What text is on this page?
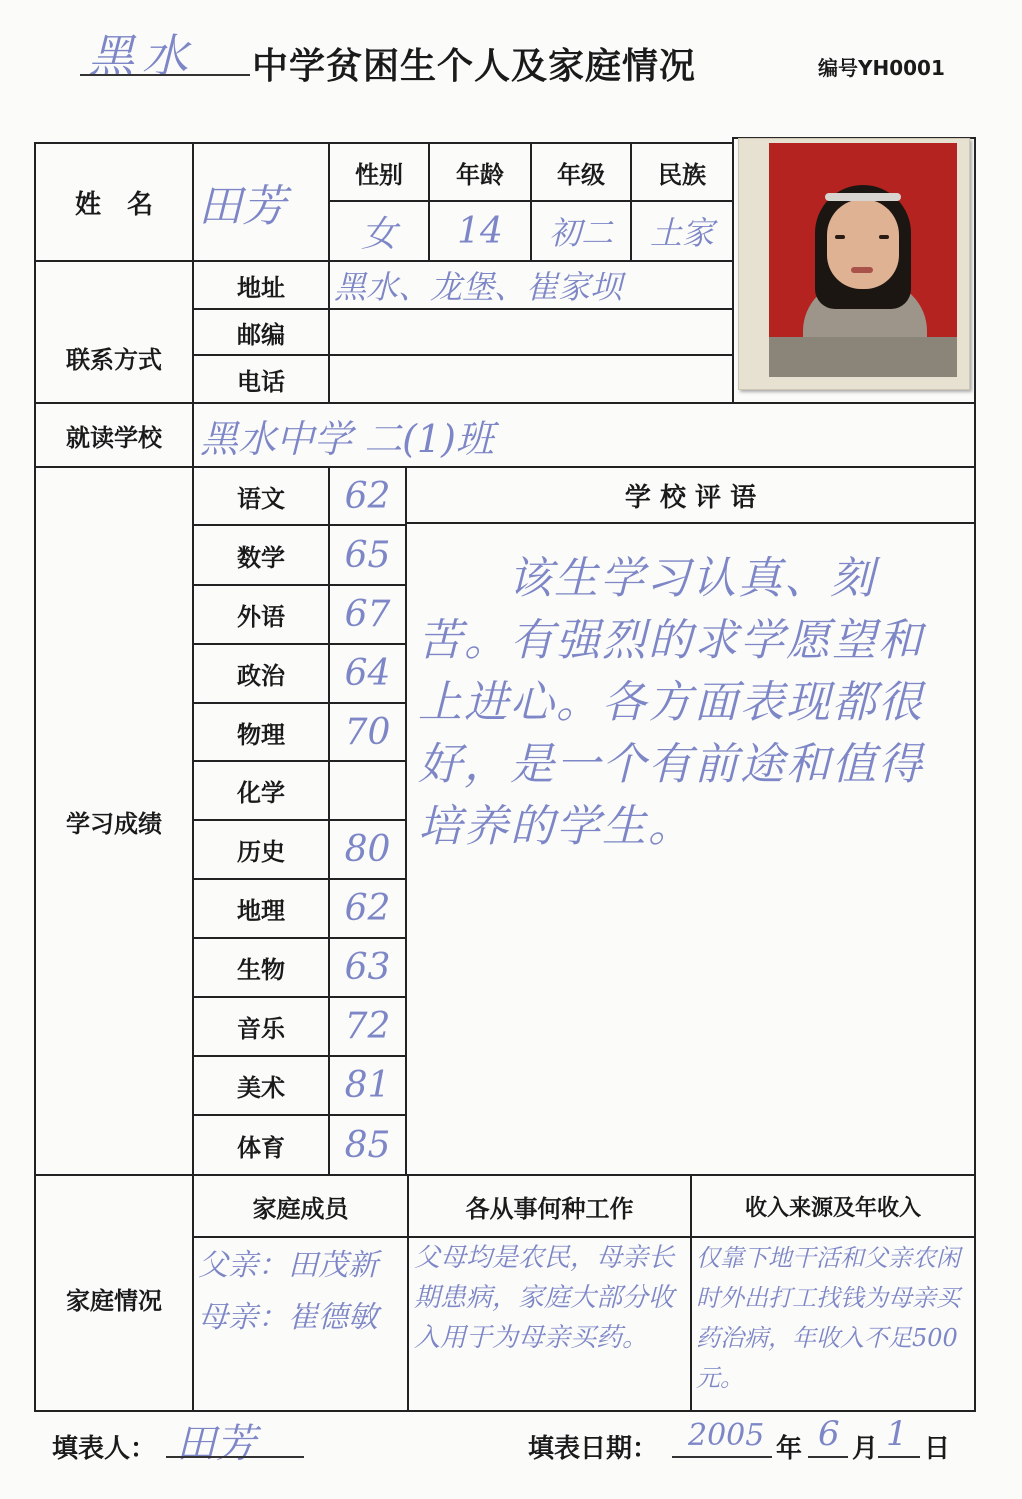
黑水 中学贫困生个人及家庭情况	编号YH0001
姓　名	田芳
性别	年龄	年级	民族
女	14	初二	土家
联系方式
地址	黑水、龙堡、崔家坝
邮编
电话
就读学校	黑水中学 二(1)班
学习成绩
语文	62
数学	65
外语	67
政治	64
物理	70
化学
历史	80
地理	62
生物	63
音乐	72
美术	81
体育	85
学 校 评 语
该生学习认真、刻苦。有强烈的求学愿望和上进心。各方面表现都很好，是一个有前途和值得培养的学生。
家庭情况
家庭成员	各从事何种工作	收入来源及年收入
父亲：田茂新 母亲：崔德敏
父母均是农民，母亲长期患病，家庭大部分收入用于为母亲买药。
仅靠下地干活和父亲农闲时外出打工找钱为母亲买药治病，年收入不足500元。
填表人： 田芳	填表日期： 2005 年 6 月 1 日
